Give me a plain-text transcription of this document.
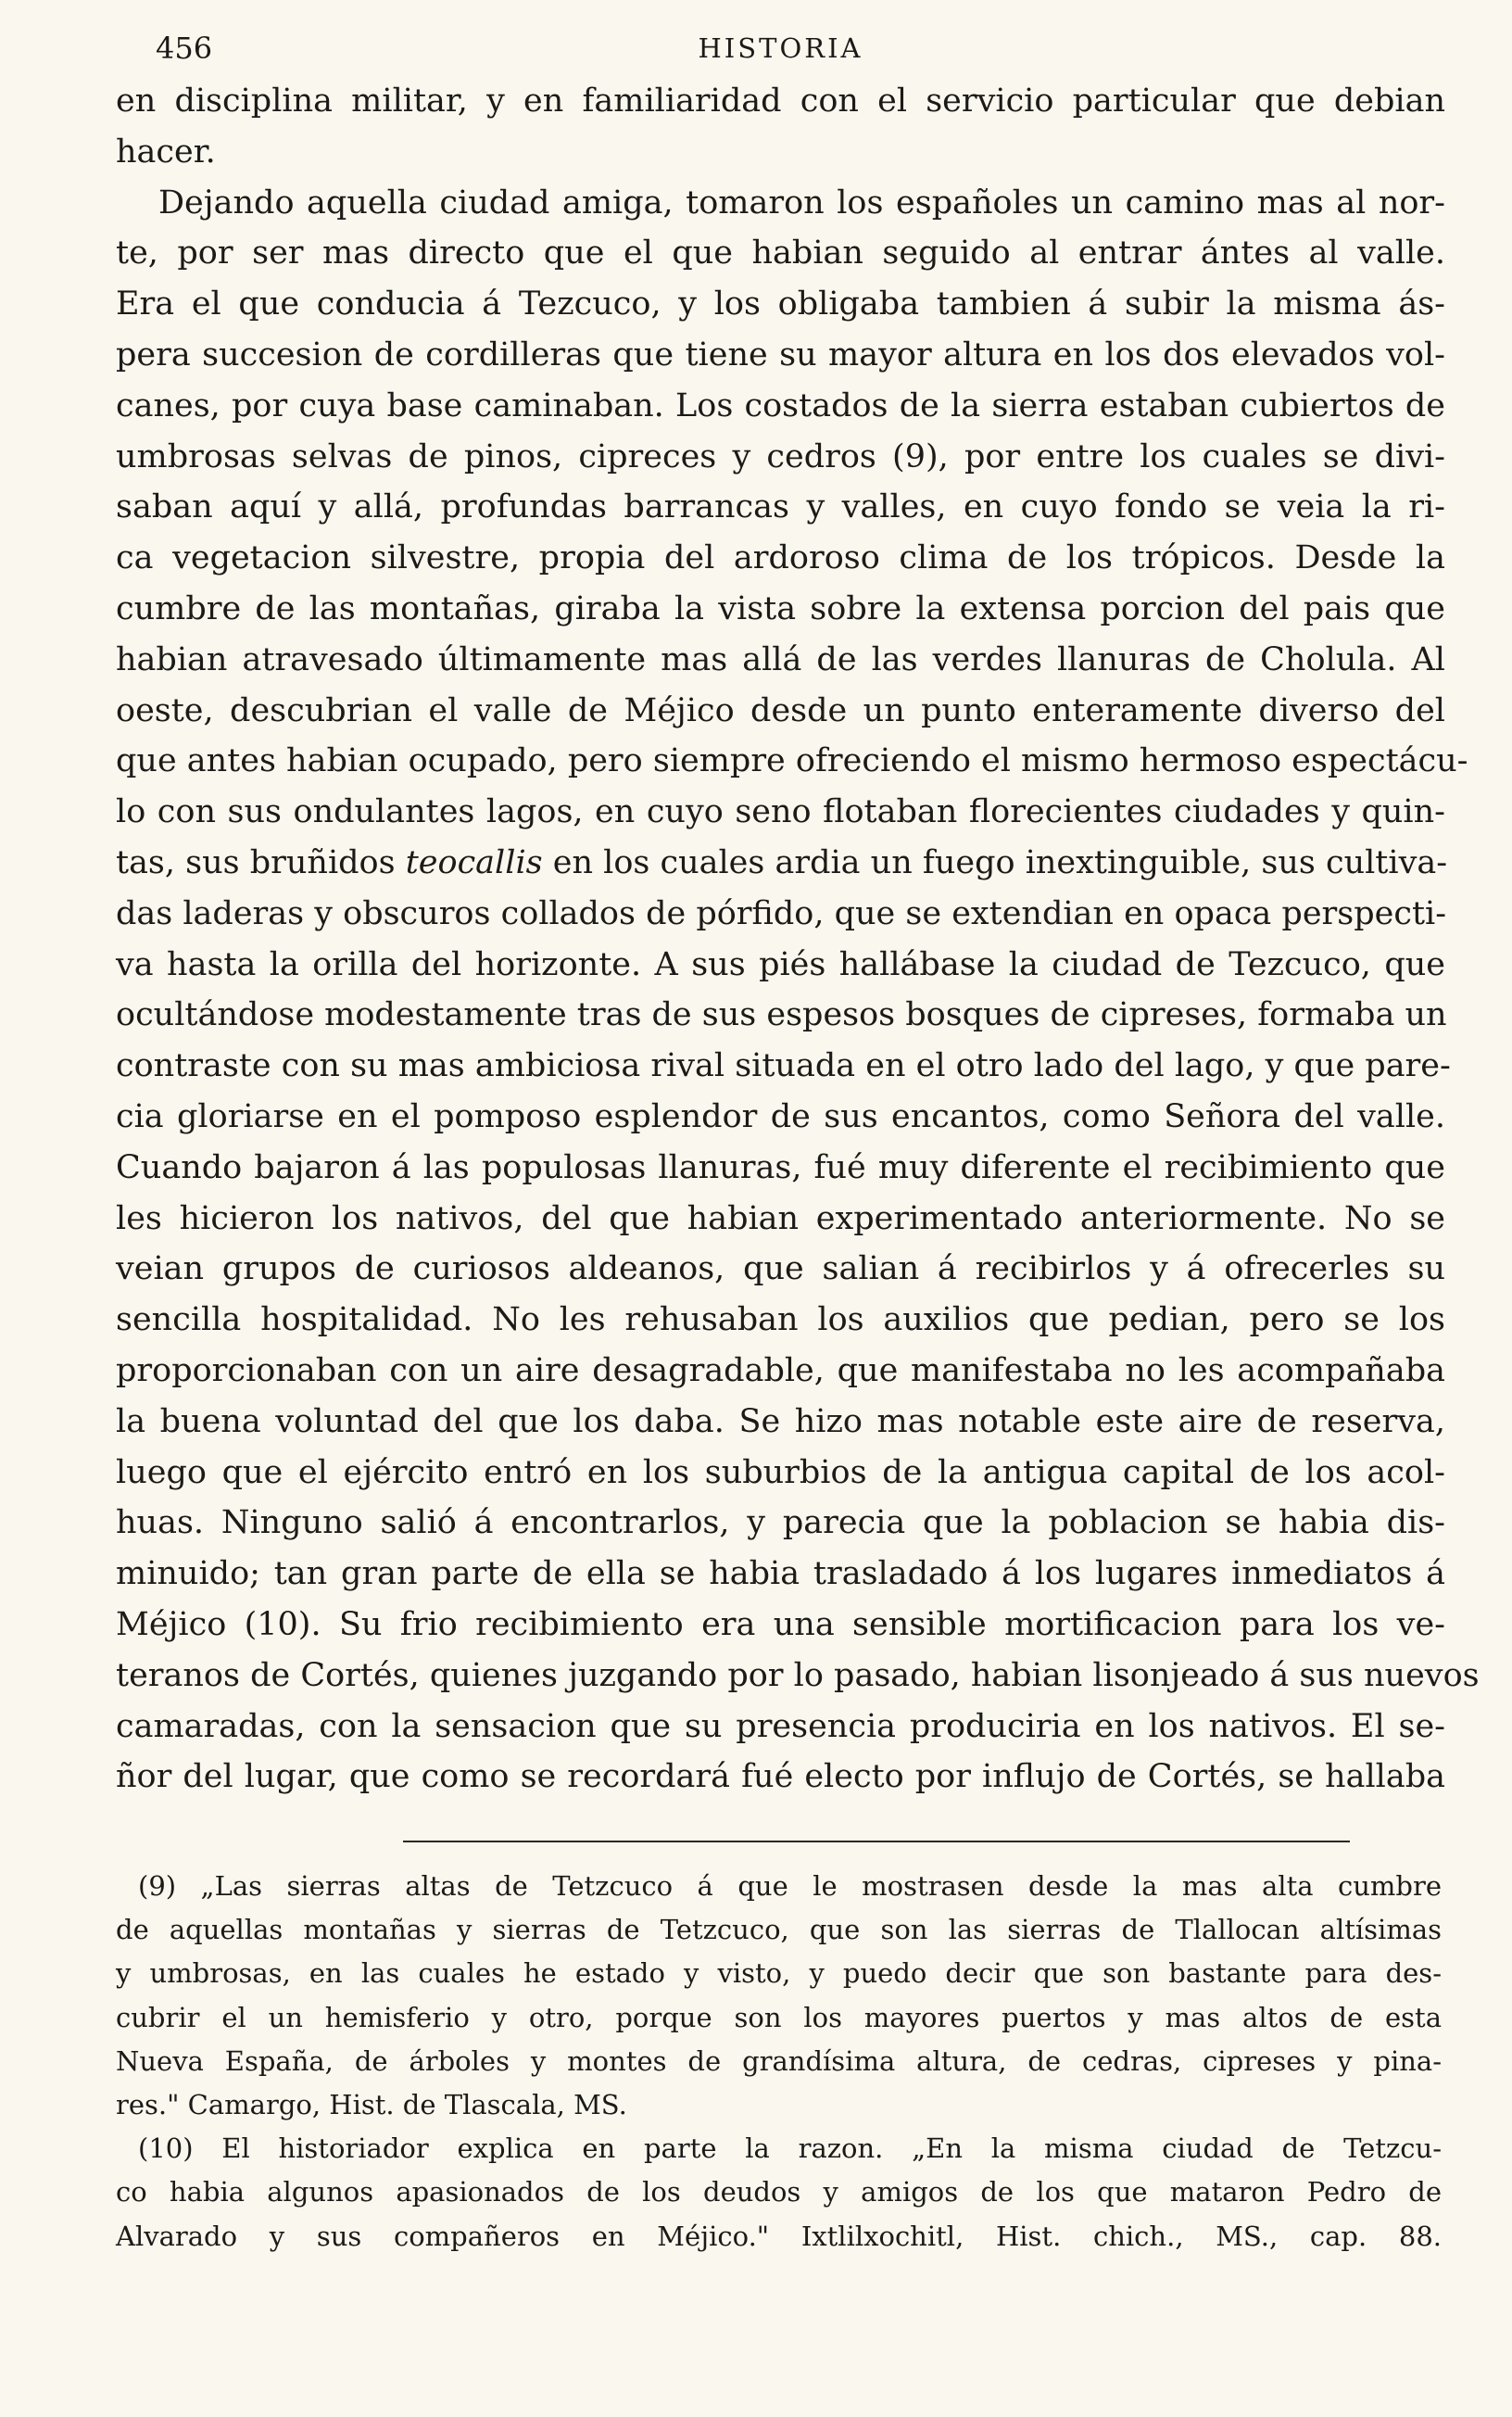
456	HISTORIA
en disciplina militar, y en familiaridad con el servicio particular que debian
hacer.
Dejando aquella ciudad amiga, tomaron los españoles un camino mas al nor-
te, por ser mas directo que el que habian seguido al entrar ántes al valle.
Era el que conducia á Tezcuco, y los obligaba tambien á subir la misma ás-
pera succesion de cordilleras que tiene su mayor altura en los dos elevados vol-
canes, por cuya base caminaban. Los costados de la sierra estaban cubiertos de
umbrosas selvas de pinos, cipreces y cedros (9), por entre los cuales se divi-
saban aquí y allá, profundas barrancas y valles, en cuyo fondo se veia la ri-
ca vegetacion silvestre, propia del ardoroso clima de los trópicos. Desde la
cumbre de las montañas, giraba la vista sobre la extensa porcion del pais que
habian atravesado últimamente mas allá de las verdes llanuras de Cholula. Al
oeste, descubrian el valle de Méjico desde un punto enteramente diverso del
que antes habian ocupado, pero siempre ofreciendo el mismo hermoso espectácu-
lo con sus ondulantes lagos, en cuyo seno flotaban florecientes ciudades y quin-
tas, sus bruñidos teocallis en los cuales ardia un fuego inextinguible, sus cultiva-
das laderas y obscuros collados de pórfido, que se extendian en opaca perspecti-
va hasta la orilla del horizonte. A sus piés hallábase la ciudad de Tezcuco, que
ocultándose modestamente tras de sus espesos bosques de cipreses, formaba un
contraste con su mas ambiciosa rival situada en el otro lado del lago, y que pare-
cia gloriarse en el pomposo esplendor de sus encantos, como Señora del valle.
Cuando bajaron á las populosas llanuras, fué muy diferente el recibimiento que
les hicieron los nativos, del que habian experimentado anteriormente. No se
veian grupos de curiosos aldeanos, que salian á recibirlos y á ofrecerles su
sencilla hospitalidad. No les rehusaban los auxilios que pedian, pero se los
proporcionaban con un aire desagradable, que manifestaba no les acompañaba
la buena voluntad del que los daba. Se hizo mas notable este aire de reserva,
luego que el ejército entró en los suburbios de la antigua capital de los acol-
huas. Ninguno salió á encontrarlos, y parecia que la poblacion se habia dis-
minuido; tan gran parte de ella se habia trasladado á los lugares inmediatos á
Méjico (10). Su frio recibimiento era una sensible mortificacion para los ve-
teranos de Cortés, quienes juzgando por lo pasado, habian lisonjeado á sus nuevos
camaradas, con la sensacion que su presencia produciria en los nativos. El se-
ñor del lugar, que como se recordará fué electo por influjo de Cortés, se hallaba
(9) „Las sierras altas de Tetzcuco á que le mostrasen desde la mas alta cumbre
de aquellas montañas y sierras de Tetzcuco, que son las sierras de Tlallocan altísimas
y umbrosas, en las cuales he estado y visto, y puedo decir que son bastante para des-
cubrir el un hemisferio y otro, porque son los mayores puertos y mas altos de esta
Nueva España, de árboles y montes de grandísima altura, de cedras, cipreses y pina-
res." Camargo, Hist. de Tlascala, MS.
(10) El historiador explica en parte la razon. „En la misma ciudad de Tetzcu-
co habia algunos apasionados de los deudos y amigos de los que mataron Pedro de
Alvarado y sus compañeros en Méjico." Ixtlilxochitl, Hist. chich., MS., cap. 88.
